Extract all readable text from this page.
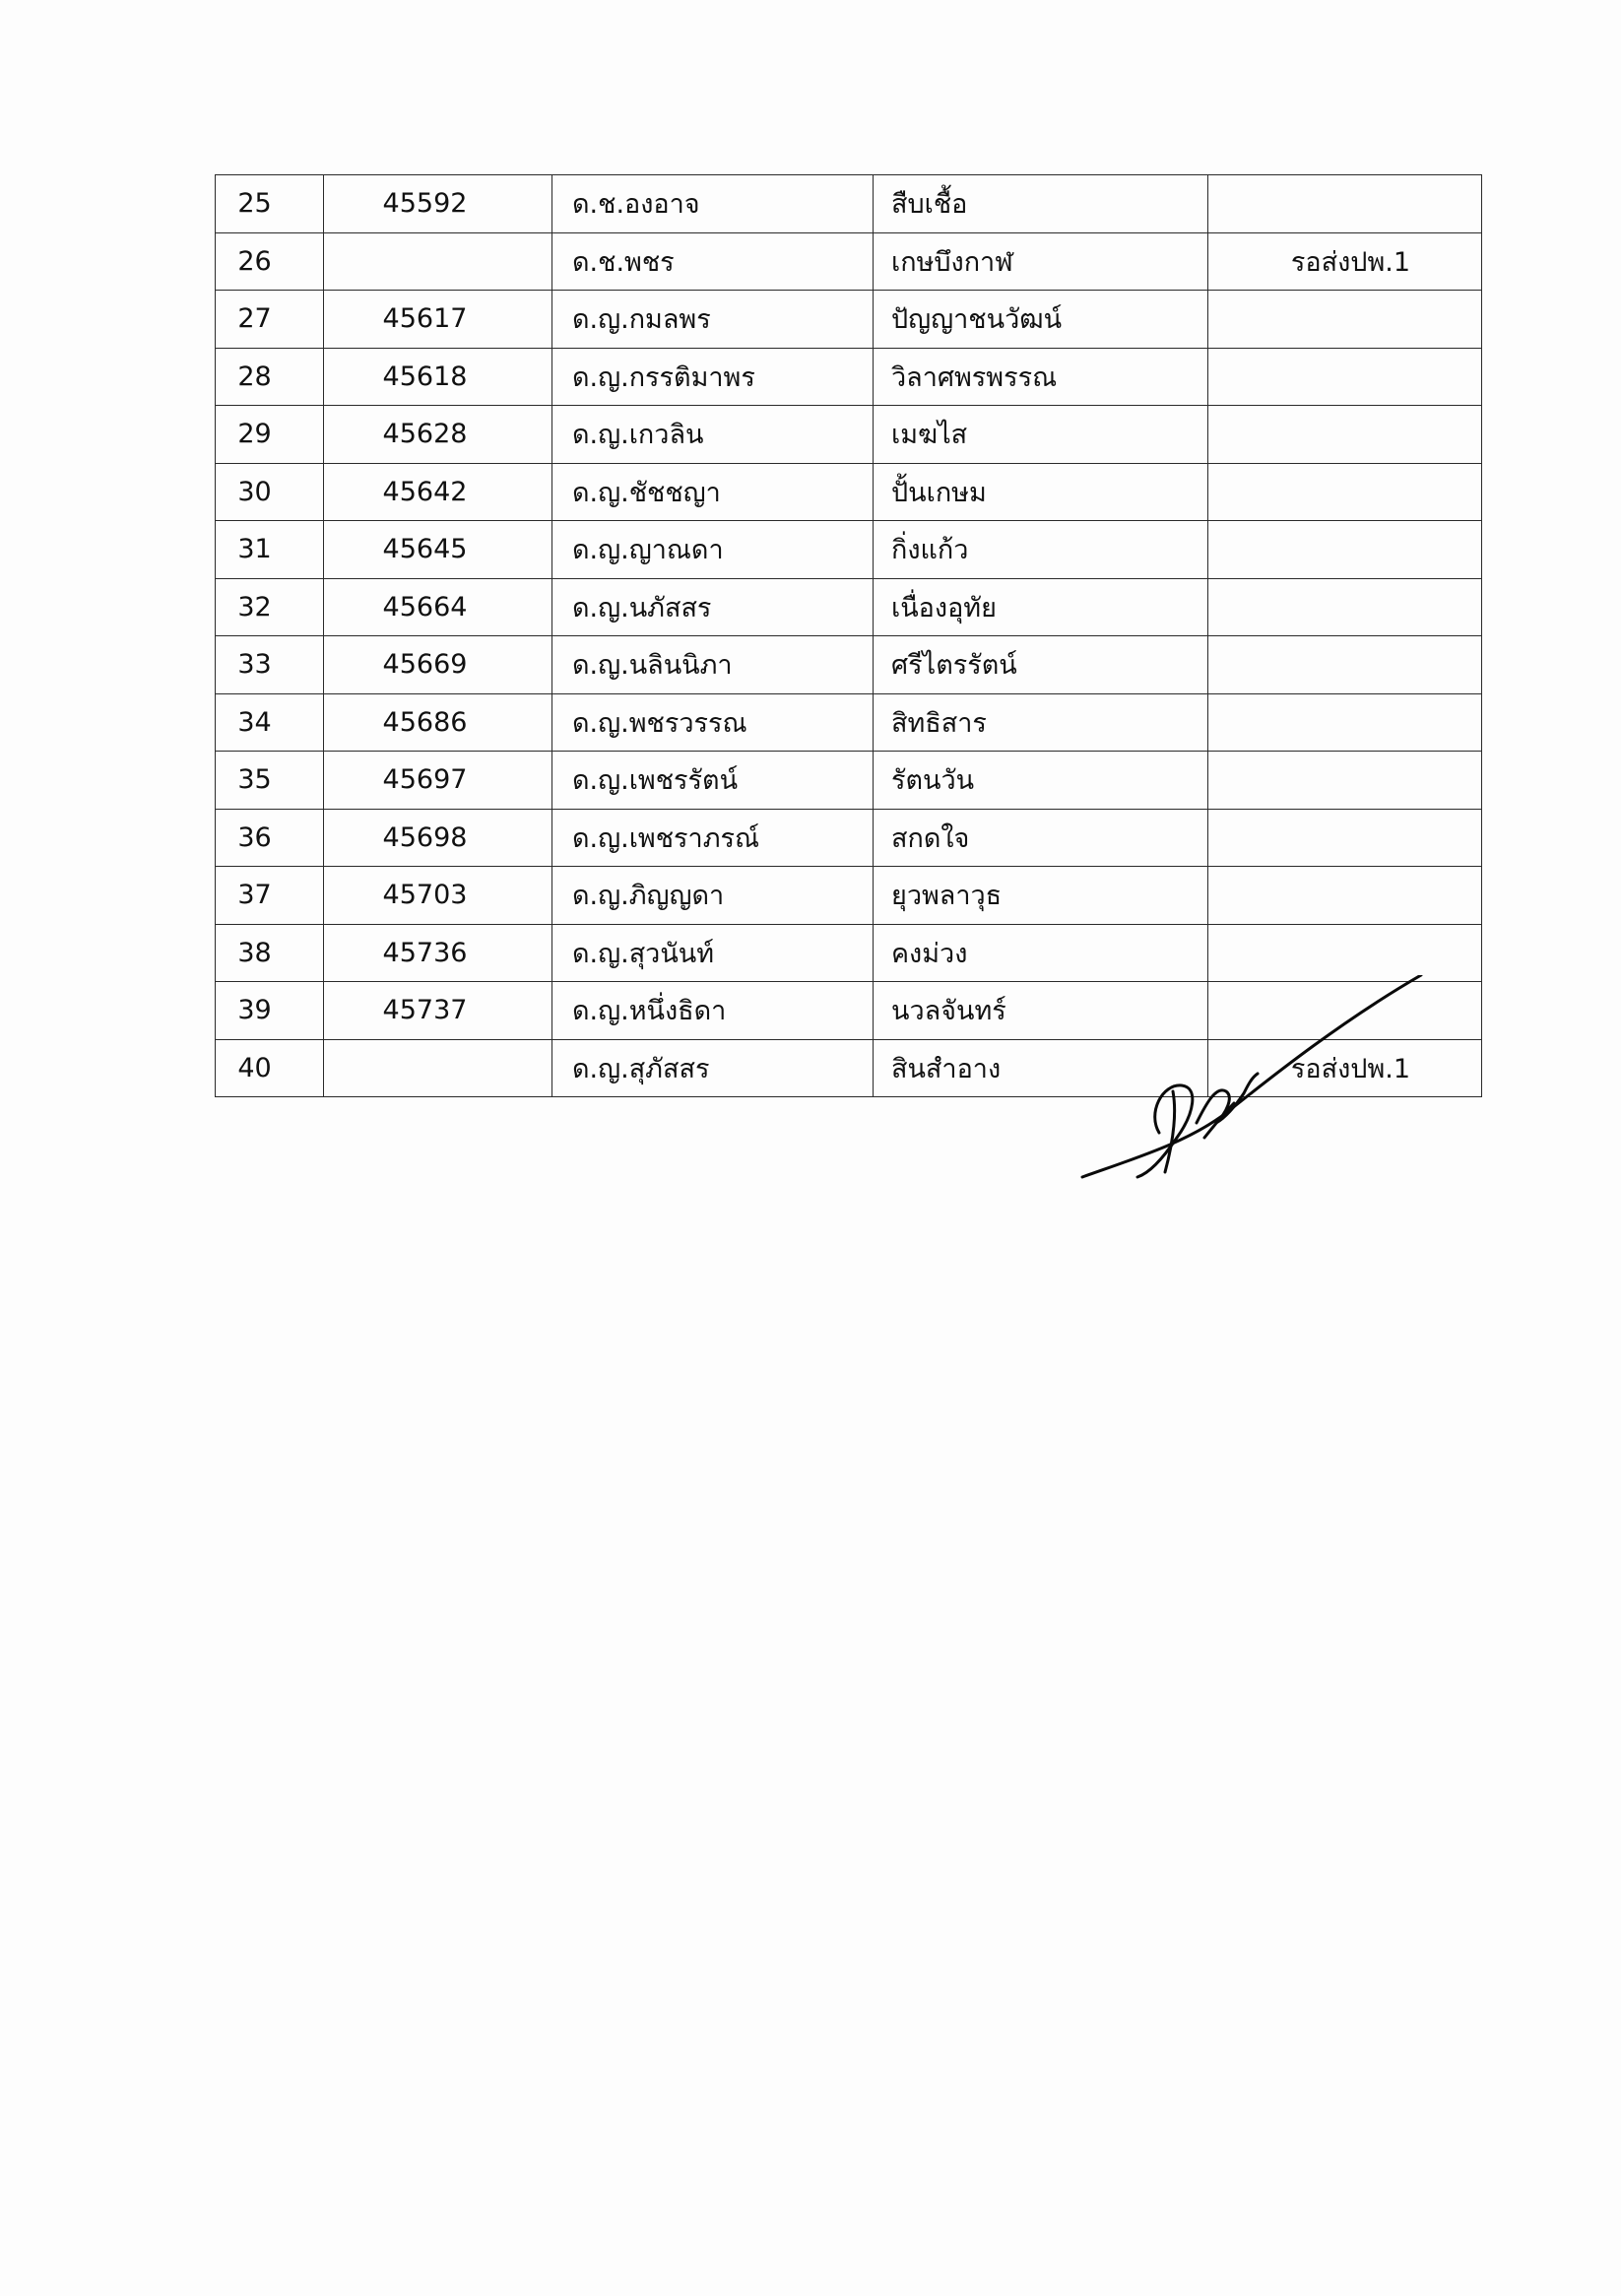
25	45592	ด.ช.องอาจ	สืบเชื้อ	
26		ด.ช.พชร	เกษบึงกาฬ	รอส่งปพ.1
27	45617	ด.ญ.กมลพร	ปัญญาชนวัฒน์	
28	45618	ด.ญ.กรรติมาพร	วิลาศพรพรรณ	
29	45628	ด.ญ.เกวลิน	เมฆไส	
30	45642	ด.ญ.ชัชชญา	ปั้นเกษม	
31	45645	ด.ญ.ญาณดา	กิ่งแก้ว	
32	45664	ด.ญ.นภัสสร	เนื่องอุทัย	
33	45669	ด.ญ.นลินนิภา	ศรีไตรรัตน์	
34	45686	ด.ญ.พชรวรรณ	สิทธิสาร	
35	45697	ด.ญ.เพชรรัตน์	รัตนวัน	
36	45698	ด.ญ.เพชราภรณ์	สกดใจ	
37	45703	ด.ญ.ภิญญดา	ยุวพลาวุธ	
38	45736	ด.ญ.สุวนันท์	คงม่วง	
39	45737	ด.ญ.หนึ่งธิดา	นวลจันทร์	
40		ด.ญ.สุภัสสร	สินสำอาง	รอส่งปพ.1
